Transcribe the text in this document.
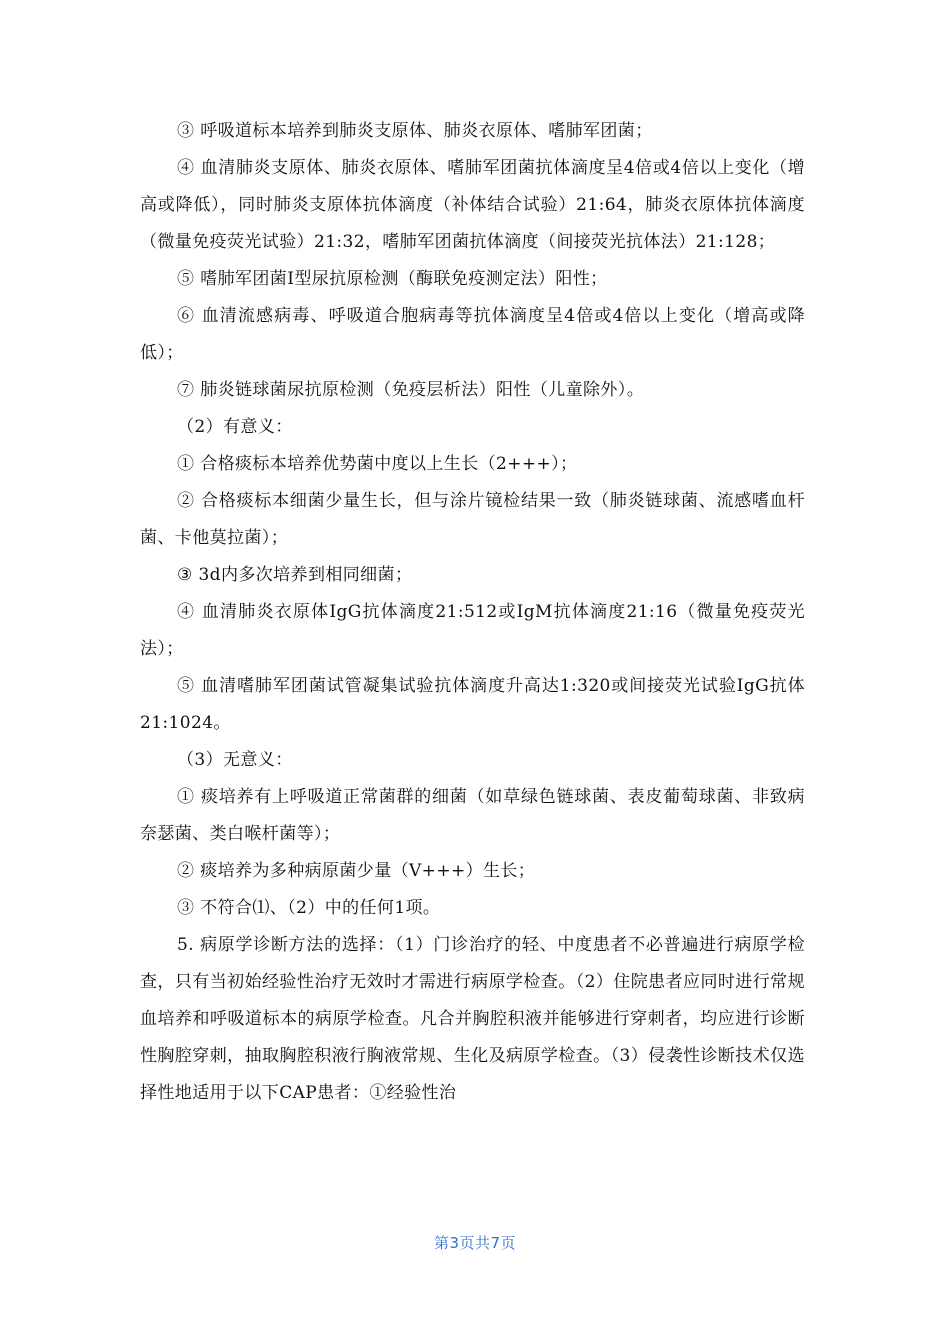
③ 呼吸道标本培养到肺炎支原体、肺炎衣原体、嗜肺军团菌；

④ 血清肺炎支原体、肺炎衣原体、嗜肺军团菌抗体滴度呈4倍或4倍以上变化（增高或降低），同时肺炎支原体抗体滴度（补体结合试验）21:64，肺炎衣原体抗体滴度（微量免疫荧光试验）21:32，嗜肺军团菌抗体滴度（间接荧光抗体法）21:128；

⑤ 嗜肺军团菌I型尿抗原检测（酶联免疫测定法）阳性；

⑥ 血清流感病毒、呼吸道合胞病毒等抗体滴度呈4倍或4倍以上变化（增高或降低）；

⑦ 肺炎链球菌尿抗原检测（免疫层析法）阳性（儿童除外）。

（2）有意义：

① 合格痰标本培养优势菌中度以上生长（2+++）；

② 合格痰标本细菌少量生长，但与涂片镜检结果一致（肺炎链球菌、流感嗜血杆菌、卡他莫拉菌）；

③ 3d内多次培养到相同细菌；

④ 血清肺炎衣原体IgG抗体滴度21:512或IgM抗体滴度21:16（微量免疫荧光法）；

⑤ 血清嗜肺军团菌试管凝集试验抗体滴度升高达1:320或间接荧光试验IgG抗体21:1024。

（3）无意义：

① 痰培养有上呼吸道正常菌群的细菌（如草绿色链球菌、表皮葡萄球菌、非致病奈瑟菌、类白喉杆菌等）；

② 痰培养为多种病原菌少量（V+++）生长；

③ 不符合⑴、（2）中的任何1项。

5. 病原学诊断方法的选择：（1）门诊治疗的轻、中度患者不必普遍进行病原学检查，只有当初始经验性治疗无效时才需进行病原学检查。（2）住院患者应同时进行常规血培养和呼吸道标本的病原学检查。凡合并胸腔积液并能够进行穿刺者，均应进行诊断性胸腔穿刺，抽取胸腔积液行胸液常规、生化及病原学检查。（3）侵袭性诊断技术仅选择性地适用于以下CAP患者：①经验性治

第3页共7页
